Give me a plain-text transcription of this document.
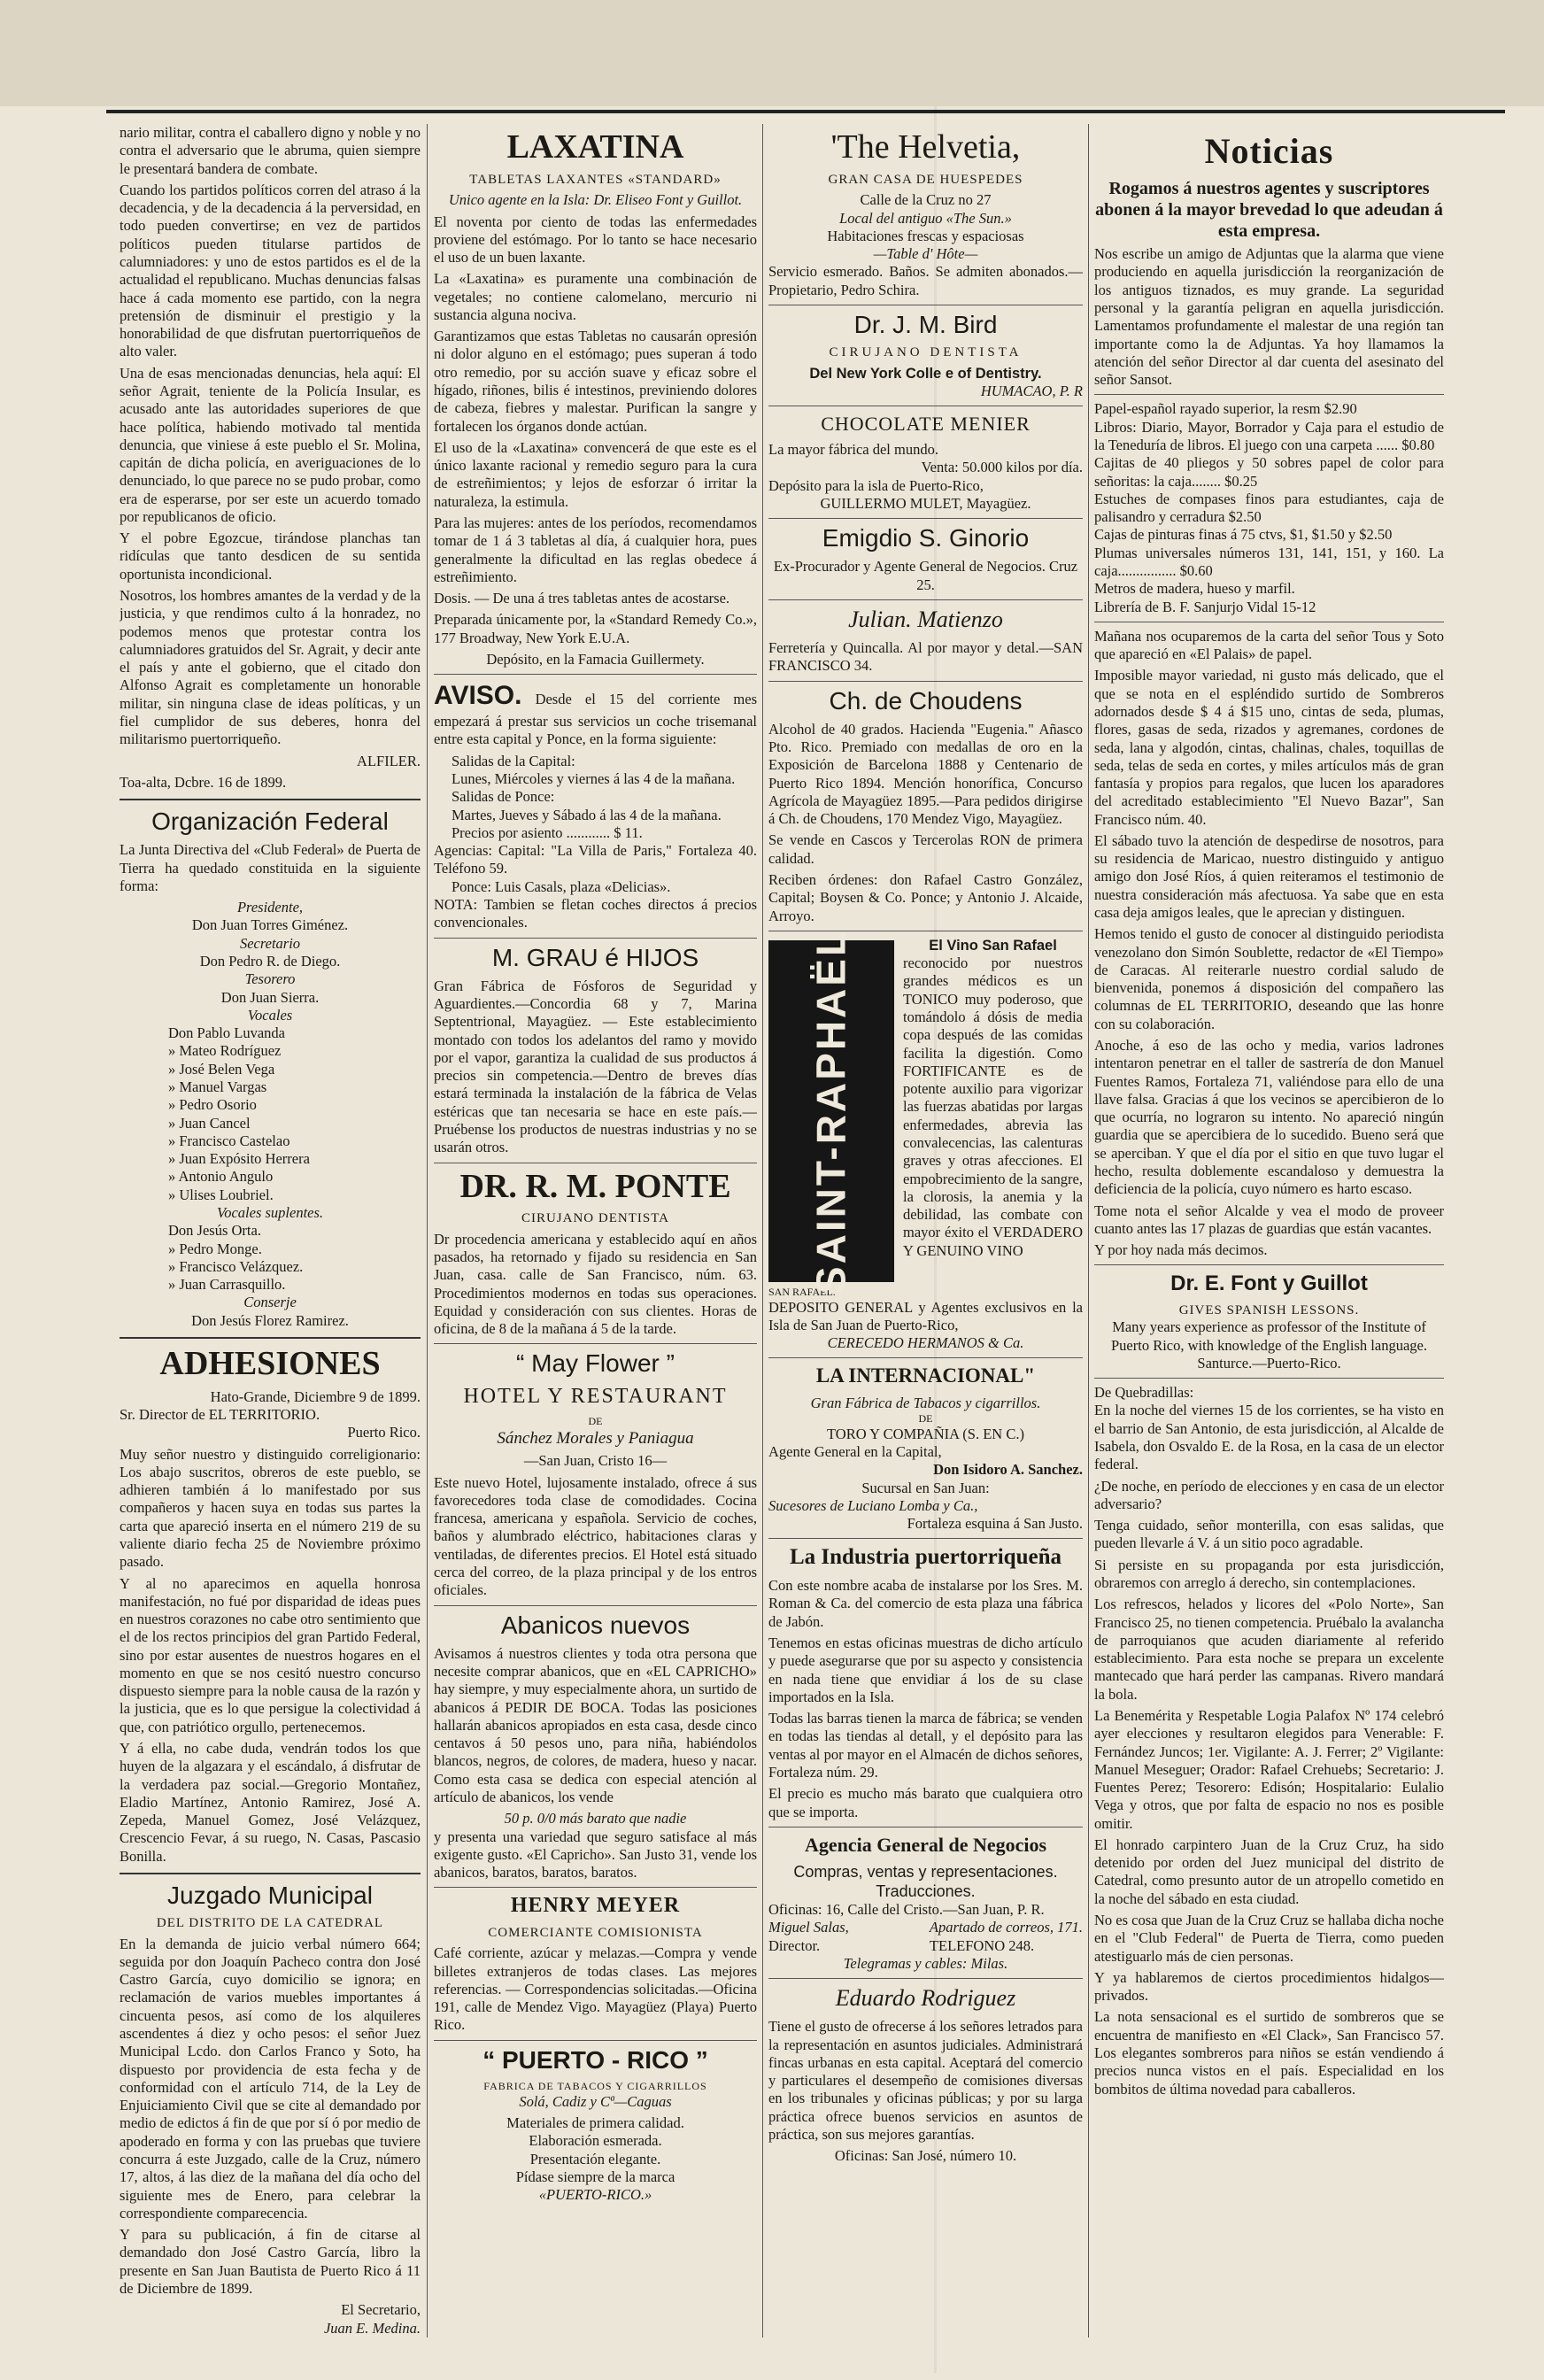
nario militar, contra el caballero digno y noble y no contra el adversario que le abruma, quien siempre le presentará bandera de combate.

Cuando los partidos políticos corren del atraso á la decadencia, y de la decadencia á la perversidad, en todo pueden convertirse; en vez de partidos políticos pueden titularse partidos de calumniadores: y uno de estos partidos es el de la actualidad el republicano. Muchas denuncias falsas hace á cada momento ese partido, con la negra pretensión de disminuir el prestigio y la honorabilidad de que disfrutan puertorriqueños de alto valer.

Una de esas mencionadas denuncias, hela aquí: El señor Agrait, teniente de la Policía Insular, es acusado ante las autoridades superiores de que hace política, habiendo motivado tal mentida denuncia, que viniese á este pueblo el Sr. Molina, capitán de dicha policía, en averiguaciones de lo denunciado, lo que parece no se pudo probar, como era de esperarse, por ser este un acuerdo tomado por republicanos de oficio.

Y el pobre Egozcue, tirándose planchas tan ridículas que tanto desdicen de su sentida oportunista incondicional.

Nosotros, los hombres amantes de la verdad y de la justicia, y que rendimos culto á la honradez, no podemos menos que protestar contra los calumniadores gratuidos del Sr. Agrait, y decir ante el país y ante el gobierno, que el citado don Alfonso Agrait es completamente un honorable militar, sin ninguna clase de ideas políticas, y un fiel cumplidor de sus deberes, honra del militarismo puertorriqueño.

ALFILER.

Toa-alta, Dcbre. 16 de 1899.

Organización Federal

La Junta Directiva del «Club Federal» de Puerta de Tierra ha quedado constituida en la siguiente forma:

Presidente,

Don Juan Torres Giménez.

Secretario

Don Pedro R. de Diego.

Tesorero

Don Juan Sierra.

Vocales

Don Pablo Luvanda

» Mateo Rodríguez

» José Belen Vega

» Manuel Vargas

» Pedro Osorio

» Juan Cancel

» Francisco Castelao

» Juan Expósito Herrera

» Antonio Angulo

» Ulises Loubriel.

Vocales suplentes.

Don Jesús Orta.

» Pedro Monge.

» Francisco Velázquez.

» Juan Carrasquillo.

Conserje

Don Jesús Florez Ramirez.

ADHESIONES

Hato-Grande, Diciembre 9 de 1899.

Sr. Director de EL TERRITORIO.

Puerto Rico.

Muy señor nuestro y distinguido correligionario: Los abajo suscritos, obreros de este pueblo, se adhieren también á lo manifestado por sus compañeros y hacen suya en todas sus partes la carta que apareció inserta en el número 219 de su valiente diario fecha 25 de Noviembre próximo pasado.

Y al no aparecimos en aquella honrosa manifestación, no fué por disparidad de ideas pues en nuestros corazones no cabe otro sentimiento que el de los rectos principios del gran Partido Federal, sino por estar ausentes de nuestros hogares en el momento en que se nos cesitó nuestro concurso dispuesto siempre para la noble causa de la razón y la justicia, que es lo que persigue la colectividad á que, con patriótico orgullo, pertenecemos.

Y á ella, no cabe duda, vendrán todos los que huyen de la algazara y el escándalo, á disfrutar de la verdadera paz social.—Gregorio Montañez, Eladio Martínez, Antonio Ramirez, José A. Zepeda, Manuel Gomez, José Velázquez, Crescencio Fevar, á su ruego, N. Casas, Pascasio Bonilla.

Juzgado Municipal

DEL DISTRITO DE LA CATEDRAL

En la demanda de juicio verbal número 664; seguida por don Joaquín Pacheco contra don José Castro García, cuyo domicilio se ignora; en reclamación de varios muebles importantes á cincuenta pesos, así como de los alquileres ascendentes á diez y ocho pesos: el señor Juez Municipal Lcdo. don Carlos Franco y Soto, ha dispuesto por providencia de esta fecha y de conformidad con el artículo 714, de la Ley de Enjuiciamiento Civil que se cite al demandado por medio de edictos á fin de que por sí ó por medio de apoderado en forma y con las pruebas que tuviere concurra á este Juzgado, calle de la Cruz, número 17, altos, á las diez de la mañana del día ocho del siguiente mes de Enero, para celebrar la correspondiente comparecencia.

Y para su publicación, á fin de citarse al demandado don José Castro García, libro la presente en San Juan Bautista de Puerto Rico á 11 de Diciembre de 1899.

El Secretario,

Juan E. Medina.

LAXATINA

TABLETAS LAXANTES «STANDARD»

Unico agente en la Isla: Dr. Eliseo Font y Guillot.

El noventa por ciento de todas las enfermedades proviene del estómago. Por lo tanto se hace necesario el uso de un buen laxante.

La «Laxatina» es puramente una combinación de vegetales; no contiene calomelano, mercurio ni sustancia alguna nociva.

Garantizamos que estas Tabletas no causarán opresión ni dolor alguno en el estómago; pues superan á todo otro remedio, por su acción suave y eficaz sobre el hígado, riñones, bilis é intestinos, previniendo dolores de cabeza, fiebres y malestar. Purifican la sangre y fortalecen los órganos donde actúan.

El uso de la «Laxatina» convencerá de que este es el único laxante racional y remedio seguro para la cura de estreñimientos; y lejos de esforzar ó irritar la naturaleza, la estimula.

Para las mujeres: antes de los períodos, recomendamos tomar de 1 á 3 tabletas al día, á cualquier hora, pues generalmente la dificultad en las reglas obedece á estreñimiento.

Dosis. — De una á tres tabletas antes de acostarse.

Preparada únicamente por, la «Standard Remedy Co.», 177 Broadway, New York E.U.A.

Depósito, en la Famacia Guillermety.

AVISO. Desde el 15 del corriente mes empezará á prestar sus servicios un coche trisemanal entre esta capital y Ponce, en la forma siguiente:

Salidas de la Capital:

Lunes, Miércoles y viernes á las 4 de la mañana.

Salidas de Ponce:

Martes, Jueves y Sábado á las 4 de la mañana.

Precios por asiento ............ $ 11.

Agencias: Capital: "La Villa de Paris," Fortaleza 40. Teléfono 59.

Ponce: Luis Casals, plaza «Delicias».

NOTA: Tambien se fletan coches directos á precios convencionales.

M. GRAU é HIJOS

Gran Fábrica de Fósforos de Seguridad y Aguardientes.—Concordia 68 y 7, Marina Septentrional, Mayagüez. — Este establecimiento montado con todos los adelantos del ramo y movido por el vapor, garantiza la cualidad de sus productos á precios sin competencia.—Dentro de breves días estará terminada la instalación de la fábrica de Velas estéricas que tan necesaria se hace en este país.—Pruébense los productos de nuestras industrias y no se usarán otros.

DR. R. M. PONTE

CIRUJANO DENTISTA

Dr procedencia americana y establecido aquí en años pasados, ha retornado y fijado su residencia en San Juan, casa. calle de San Francisco, núm. 63. Procedimientos modernos en todas sus operaciones. Equidad y consideración con sus clientes. Horas de oficina, de 8 de la mañana á 5 de la tarde.

“ May Flower ”
HOTEL Y RESTAURANT

DE

Sánchez Morales y Paniagua

—San Juan, Cristo 16—

Este nuevo Hotel, lujosamente instalado, ofrece á sus favorecedores toda clase de comodidades. Cocina francesa, americana y española. Servicio de coches, baños y alumbrado eléctrico, habitaciones claras y ventiladas, de diferentes precios. El Hotel está situado cerca del correo, de la plaza principal y de los entros oficiales.

Abanicos nuevos

Avisamos á nuestros clientes y toda otra persona que necesite comprar abanicos, que en «EL CAPRICHO» hay siempre, y muy especialmente ahora, un surtido de abanicos á PEDIR DE BOCA. Todas las posiciones hallarán abanicos apropiados en esta casa, desde cinco centavos á 50 pesos uno, para niña, habiéndolos blancos, negros, de colores, de madera, hueso y nacar. Como esta casa se dedica con especial atención al artículo de abanicos, los vende

50 p. 0/0 más barato que nadie

y presenta una variedad que seguro satisface al más exigente gusto. «El Capricho». San Justo 31, vende los abanicos, baratos, baratos, baratos.

HENRY MEYER

COMERCIANTE COMISIONISTA

Café corriente, azúcar y melazas.—Compra y vende billetes extranjeros de todas clases. Las mejores referencias. — Correspondencias solicitadas.—Oficina 191, calle de Mendez Vigo. Mayagüez (Playa) Puerto Rico.

“ PUERTO - RICO ”

FABRICA DE TABACOS Y CIGARRILLOS

Solá, Cadiz y Cª—Caguas

Materiales de primera calidad.

Elaboración esmerada.

Presentación elegante.

Pídase siempre de la marca

«PUERTO-RICO.»

'The Helvetia,

GRAN CASA DE HUESPEDES

Calle de la Cruz no 27

Local del antiguo «The Sun.»

Habitaciones frescas y espaciosas

—Table d' Hôte—

Servicio esmerado. Baños. Se admiten abonados.—Propietario, Pedro Schira.

Dr. J. M. Bird

CIRUJANO DENTISTA

Del New York Colle e of Dentistry.

HUMACAO, P. R

CHOCOLATE MENIER

La mayor fábrica del mundo.

Venta: 50.000 kilos por día.

Depósito para la isla de Puerto-Rico,

GUILLERMO MULET, Mayagüez.

Emigdio S. Ginorio

Ex-Procurador y Agente General de Negocios. Cruz 25.

Julian. Matienzo

Ferretería y Quincalla. Al por mayor y detal.—SAN FRANCISCO 34.

Ch. de Choudens

Alcohol de 40 grados. Hacienda "Eugenia." Añasco Pto. Rico. Premiado con medallas de oro en la Exposición de Barcelona 1888 y Centenario de Puerto Rico 1894. Mención honorífica, Concurso Agrícola de Mayagüez 1895.—Para pedidos dirigirse á Ch. de Choudens, 170 Mendez Vigo, Mayagüez.

Se vende en Cascos y Tercerolas RON de primera calidad.

Reciben órdenes: don Rafael Castro González, Capital; Boysen & Co. Ponce; y Antonio J. Alcaide, Arroyo.

SAINT-RAPHAËL	El Vino San Rafael

reconocido por nuestros grandes médicos es un TONICO muy poderoso, que tomándolo á dósis de media copa después de las comidas facilita la digestión. Como FORTIFICANTE es de potente auxilio para vigorizar las fuerzas abatidas por largas enfermedades, abrevia las convalecencias, las calenturas graves y otras afecciones. El empobrecimiento de la sangre, la clorosis, la anemia y la debilidad, las combate con mayor éxito el VERDADERO Y GENUINO VINO

SAN RAFAEL.

DEPOSITO GENERAL y Agentes exclusivos en la Isla de San Juan de Puerto-Rico,

CERECEDO HERMANOS & Ca.

LA INTERNACIONAL"

Gran Fábrica de Tabacos y cigarrillos.

DE

TORO Y COMPAÑIA (S. EN C.)

Agente General en la Capital,

Don Isidoro A. Sanchez.

Sucursal en San Juan:

Sucesores de Luciano Lomba y Ca.,

Fortaleza esquina á San Justo.

La Industria puertorriqueña

Con este nombre acaba de instalarse por los Sres. M. Roman & Ca. del comercio de esta plaza una fábrica de Jabón.

Tenemos en estas oficinas muestras de dicho artículo y puede asegurarse que por su aspecto y consistencia en nada tiene que envidiar á los de su clase importados en la Isla.

Todas las barras tienen la marca de fábrica; se venden en todas las tiendas al detall, y el depósito para las ventas al por mayor en el Almacén de dichos señores, Fortaleza núm. 29.

El precio es mucho más barato que cualquiera otro que se importa.

Agencia General de Negocios

Compras, ventas y representaciones. Traducciones.

Oficinas: 16, Calle del Cristo.—San Juan, P. R.

Miguel Salas,

Director.

Apartado de correos, 171.

TELEFONO 248.

Telegramas y cables: Milas.

Eduardo Rodriguez

Tiene el gusto de ofrecerse á los señores letrados para la representación en asuntos judiciales. Administrará fincas urbanas en esta capital. Aceptará del comercio y particulares el desempeño de comisiones diversas en los tribunales y oficinas públicas; y por su larga práctica ofrece buenos servicios en asuntos de práctica, son sus mejores garantías.

Oficinas: San José, número 10.

Noticias

Rogamos á nuestros agentes y suscriptores abonen á la mayor brevedad lo que adeudan á esta empresa.

Nos escribe un amigo de Adjuntas que la alarma que viene produciendo en aquella jurisdicción la reorganización de los antiguos tiznados, es muy grande. La seguridad personal y la garantía peligran en aquella jurisdicción. Lamentamos profundamente el malestar de una región tan importante como la de Adjuntas. Ya hoy llamamos la atención del señor Director al dar cuenta del asesinato del señor Sansot.

Papel-español rayado superior, la resm $2.90

Libros: Diario, Mayor, Borrador y Caja para el estudio de la Teneduría de libros. El juego con una carpeta ...... $0.80

Cajitas de 40 pliegos y 50 sobres papel de color para señoritas: la caja........ $0.25

Estuches de compases finos para estudiantes, caja de palisandro y cerradura $2.50

Cajas de pinturas finas á 75 ctvs, $1, $1.50 y $2.50

Plumas universales números 131, 141, 151, y 160. La caja................ $0.60

Metros de madera, hueso y marfil.

Librería de B. F. Sanjurjo Vidal 15-12

Mañana nos ocuparemos de la carta del señor Tous y Soto que apareció en «El Palais» de papel.

Imposible mayor variedad, ni gusto más delicado, que el que se nota en el espléndido surtido de Sombreros adornados desde $ 4 á $15 uno, cintas de seda, plumas, flores, gasas de seda, rizados y agremanes, cordones de seda, lana y algodón, cintas, chalinas, chales, toquillas de seda, telas de seda en cortes, y miles artículos más de gran fantasía y propios para regalos, que lucen los aparadores del acreditado establecimiento "El Nuevo Bazar", San Francisco núm. 40.

El sábado tuvo la atención de despedirse de nosotros, para su residencia de Maricao, nuestro distinguido y antiguo amigo don José Ríos, á quien reiteramos el testimonio de nuestra consideración más afectuosa. Ya sabe que en esta casa deja amigos leales, que le aprecian y distinguen.

Hemos tenido el gusto de conocer al distinguido periodista venezolano don Simón Soublette, redactor de «El Tiempo» de Caracas. Al reiterarle nuestro cordial saludo de bienvenida, ponemos á disposición del compañero las columnas de EL TERRITORIO, deseando que las honre con su colaboración.

Anoche, á eso de las ocho y media, varios ladrones intentaron penetrar en el taller de sastrería de don Manuel Fuentes Ramos, Fortaleza 71, valiéndose para ello de una llave falsa. Gracias á que los vecinos se apercibieron de lo que ocurría, no lograron su intento. No apareció ningún guardia que se apercibiera de lo sucedido. Bueno será que se aperciban. Y que el día por el sitio en que tuvo lugar el hecho, resulta doblemente escandaloso y demuestra la deficiencia de la policía, cuyo número es harto escaso.

Tome nota el señor Alcalde y vea el modo de proveer cuanto antes las 17 plazas de guardias que están vacantes.

Y por hoy nada más decimos.

Dr. E. Font y Guillot

GIVES SPANISH LESSONS.

Many years experience as professor of the Institute of Puerto Rico, with knowledge of the English language. Santurce.—Puerto-Rico.

De Quebradillas:

En la noche del viernes 15 de los corrientes, se ha visto en el barrio de San Antonio, de esta jurisdicción, al Alcalde de Isabela, don Osvaldo E. de la Rosa, en la casa de un elector federal.

¿De noche, en período de elecciones y en casa de un elector adversario?

Tenga cuidado, señor monterilla, con esas salidas, que pueden llevarle á V. á un sitio poco agradable.

Si persiste en su propaganda por esta jurisdicción, obraremos con arreglo á derecho, sin contemplaciones.

Los refrescos, helados y licores del «Polo Norte», San Francisco 25, no tienen competencia. Pruébalo la avalancha de parroquianos que acuden diariamente al referido establecimiento. Para esta noche se prepara un excelente mantecado que hará perder las campanas. Rivero mandará la bola.

La Benemérita y Respetable Logia Palafox Nº 174 celebró ayer elecciones y resultaron elegidos para Venerable: F. Fernández Juncos; 1er. Vigilante: A. J. Ferrer; 2º Vigilante: Manuel Meseguer; Orador: Rafael Crehuebs; Secretario: J. Fuentes Perez; Tesorero: Edisón; Hospitalario: Eulalio Vega y otros, que por falta de espacio no nos es posible omitir.

El honrado carpintero Juan de la Cruz Cruz, ha sido detenido por orden del Juez municipal del distrito de Catedral, como presunto autor de un atropello cometido en la noche del sábado en esta ciudad.

No es cosa que Juan de la Cruz Cruz se hallaba dicha noche en el "Club Federal" de Puerta de Tierra, como pueden atestiguarlo más de cien personas.

Y ya hablaremos de ciertos procedimientos hidalgos—privados.

La nota sensacional es el surtido de sombreros que se encuentra de manifiesto en «El Clack», San Francisco 57. Los elegantes sombreros para niños se están vendiendo á precios nunca vistos en el país. Especialidad en los bombitos de última novedad para caballeros.
